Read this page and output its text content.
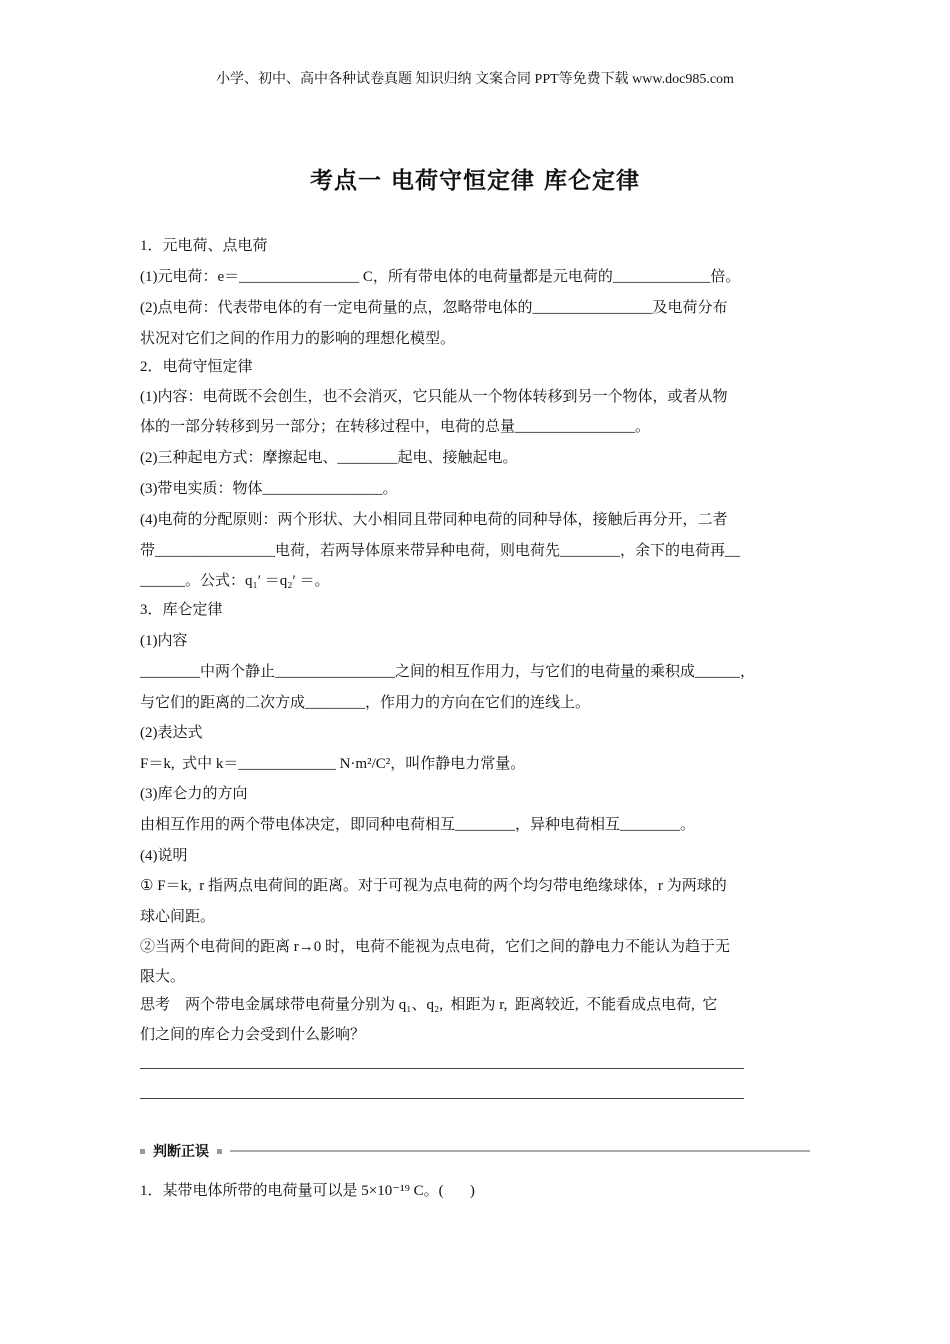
小学、初中、高中各种试卷真题 知识归纳 文案合同 PPT等免费下载 www.doc985.com
考点一 电荷守恒定律 库仑定律
1．元电荷、点电荷
(1)元电荷：e＝________________ C，所有带电体的电荷量都是元电荷的_____________倍。
(2)点电荷：代表带电体的有一定电荷量的点，忽略带电体的________________及电荷分布
状况对它们之间的作用力的影响的理想化模型。
2．电荷守恒定律
(1)内容：电荷既不会创生，也不会消灭，它只能从一个物体转移到另一个物体，或者从物
体的一部分转移到另一部分；在转移过程中，电荷的总量________________。
(2)三种起电方式：摩擦起电、________起电、接触起电。
(3)带电实质：物体________________。
(4)电荷的分配原则：两个形状、大小相同且带同种电荷的同种导体，接触后再分开，二者
带________________电荷，若两导体原来带异种电荷，则电荷先________，余下的电荷再__
______。公式：q₁′ ＝q₂′ ＝。
3．库仑定律
(1)内容
________中两个静止________________之间的相互作用力，与它们的电荷量的乘积成______，
与它们的距离的二次方成________，作用力的方向在它们的连线上。
(2)表达式
F＝k,  式中 k＝_____________ N·m²/C²，叫作静电力常量。
(3)库仑力的方向
由相互作用的两个带电体决定，即同种电荷相互________，异种电荷相互________。
(4)说明
① F＝k,  r 指两点电荷间的距离。对于可视为点电荷的两个均匀带电绝缘球体，r 为两球的
球心间距。
②当两个电荷间的距离 r→0 时，电荷不能视为点电荷，它们之间的静电力不能认为趋于无
限大。
思考    两个带电金属球带电荷量分别为 q₁、q₂,  相距为 r,  距离较近,  不能看成点电荷,  它
们之间的库仑力会受到什么影响？
判断正误
1．某带电体所带的电荷量可以是 5×10⁻¹⁹ C。(       )
